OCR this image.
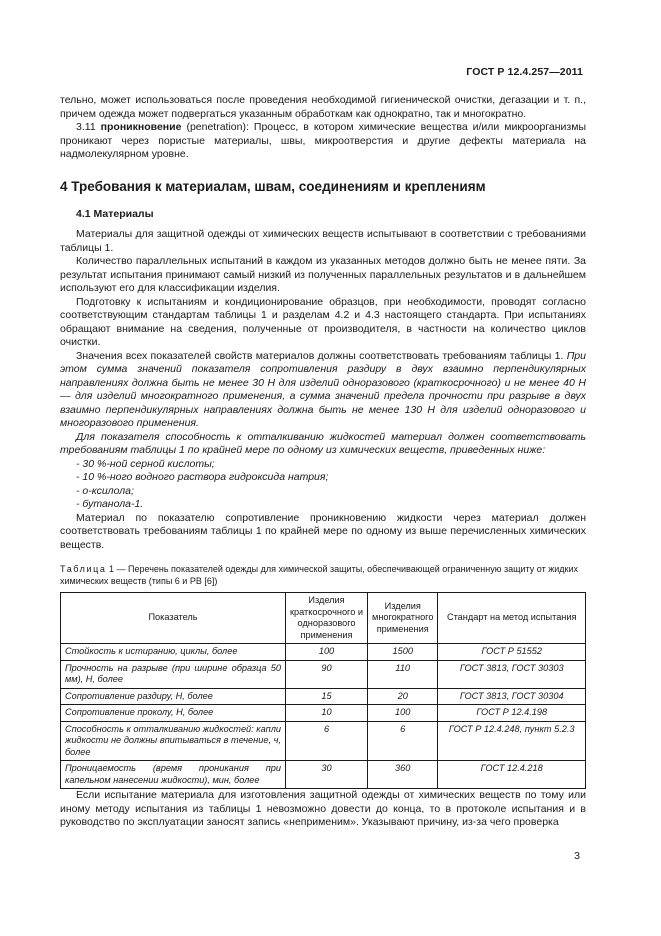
ГОСТ Р 12.4.257—2011

тельно, может использоваться после проведения необходимой гигиенической очистки, дегазации и т. п., причем одежда может подвергаться указанным обработкам как однократно, так и многократно.

3.11 проникновение (penetration): Процесс, в котором химические вещества и/или микроорганизмы проникают через пористые материалы, швы, микроотверстия и другие дефекты материала на надмолекулярном уровне.

4 Требования к материалам, швам, соединениям и креплениям
4.1 Материалы

Материалы для защитной одежды от химических веществ испытывают в соответствии с требованиями таблицы 1.

Количество параллельных испытаний в каждом из указанных методов должно быть не менее пяти. За результат испытания принимают самый низкий из полученных параллельных результатов и в дальнейшем используют его для классификации изделия.

Подготовку к испытаниям и кондиционирование образцов, при необходимости, проводят согласно соответствующим стандартам таблицы 1 и разделам 4.2 и 4.3 настоящего стандарта. При испытаниях обращают внимание на сведения, полученные от производителя, в частности на количество циклов очистки.

Значения всех показателей свойств материалов должны соответствовать требованиям таблицы 1. При этом сумма значений показателя сопротивления раздиру в двух взаимно перпендикулярных направлениях должна быть не менее 30 Н для изделий одноразового (краткосрочного) и не менее 40 Н — для изделий многократного применения, а сумма значений предела прочности при разрыве в двух взаимно перпендикулярных направлениях должна быть не менее 130 Н для изделий одноразового и многоразового применения.

Для показателя способность к отталкиванию жидкостей материал должен соответствовать требованиям таблицы 1 по крайней мере по одному из химических веществ, приведенных ниже:

- 30 %-ной серной кислоты;

- 10 %-ного водного раствора гидроксида натрия;

- о-ксилола;

- бутанола-1.

Материал по показателю сопротивление проникновению жидкости через материал должен соответствовать требованиям таблицы 1 по крайней мере по одному из выше перечисленных химических веществ.

Таблица 1 — Перечень показателей одежды для химической защиты, обеспечивающей ограниченную защиту от жидких химических веществ (типы 6 и PB [6])
Показатель	Изделия краткосрочного и одноразового применения	Изделия многократного применения	Стандарт на метод испытания
Стойкость к истиранию, циклы, более	100	1500	ГОСТ Р 51552
Прочность на разрыве (при ширине образца 50 мм), Н, более	90	110	ГОСТ 3813, ГОСТ 30303
Сопротивление раздиру, Н, более	15	20	ГОСТ 3813, ГОСТ 30304
Сопротивление проколу, Н, более	10	100	ГОСТ Р 12.4.198
Способность к отталкиванию жидкостей: капли жидкости не должны впитываться в течение, ч, более	6	6	ГОСТ Р 12.4.248, пункт 5.2.3
Проницаемость (время проникания при капельном нанесении жидкости), мин, более	30	360	ГОСТ 12.4.218

Если испытание материала для изготовления защитной одежды от химических веществ по тому или иному методу испытания из таблицы 1 невозможно довести до конца, то в протоколе испытания и в руководство по эксплуатации заносят запись «неприменим». Указывают причину, из-за чего проверка

3
